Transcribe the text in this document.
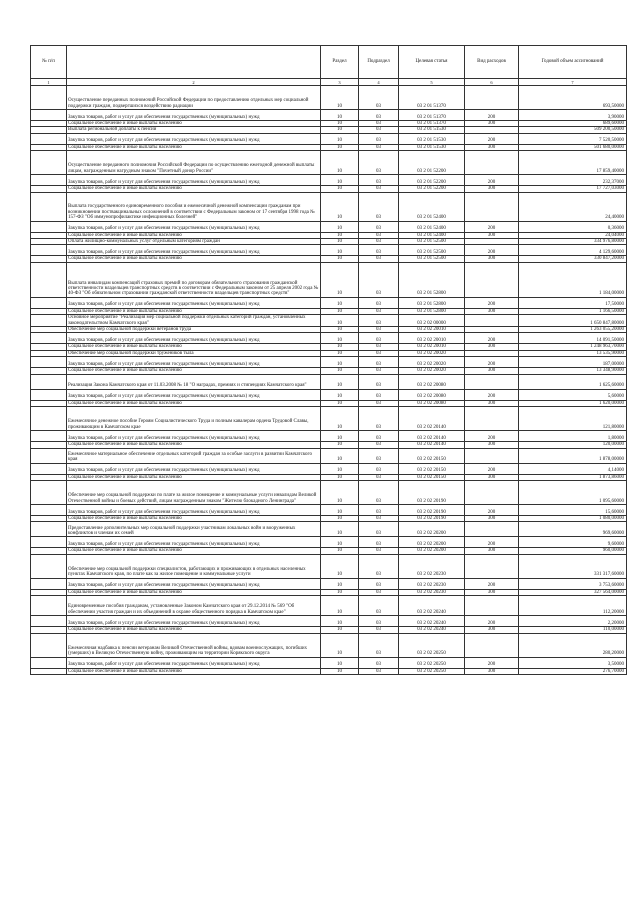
№ п/п		Раздел	Подраздел	Целевая статья	Вид расходов	Годовой объем ассигнований
1	2	3	4	5	6	7
	Осуществление переданных полномочий Российской Федерации по предоставлению отдельных мер социальной поддержки граждан, подвергшихся воздействию радиации	10	03	03 2 01 51370		693,50000
	Закупка товаров, работ и услуг для обеспечения государственных (муниципальных) нужд	10	03	03 2 01 51370	200	3,90000
	Социальное обеспечение и иные выплаты населению	10	03	03 2 01 51370	300	689,60000
	Выплата региональной доплаты к пенсии	10	03	03 2 01 51530		509 200,50000
	Закупка товаров, работ и услуг для обеспечения государственных (муниципальных) нужд	10	03	03 2 01 51530	200	7 520,50000
	Социальное обеспечение и иные выплаты населению	10	03	03 2 01 51530	300	501 680,00000
	Осуществление переданного полномочия Российской Федерации по осуществлению ежегодной денежной выплаты лицам, награжденным нагрудным знаком "Почетный донор России"	10	03	03 2 01 52200		17 859,40000
	Закупка товаров, работ и услуг для обеспечения государственных (муниципальных) нужд	10	03	03 2 01 52200	200	232,37000
	Социальное обеспечение и иные выплаты населению	10	03	03 2 01 52200	300	17 727,03000
	Выплата государственного единовременного пособия и ежемесячной денежной компенсации гражданам при возникновении поствакцинальных осложнений в соответствии с Федеральным законом от 17 сентября 1998 года № 157-ФЗ "Об иммунопрофилактике инфекционных болезней"	10	03	03 2 01 52400		24,40000
	Закупка товаров, работ и услуг для обеспечения государственных (муниципальных) нужд	10	03	03 2 01 52400	200	0,36000
	Социальное обеспечение и иные выплаты населению	10	03	03 2 01 52400	300	24,04000
	Оплата жилищно-коммунальных услуг отдельным категориям граждан	10	03	03 2 01 52500		334 976,80000
	Закупка товаров, работ и услуг для обеспечения государственных (муниципальных) нужд	10	03	03 2 01 52500	200	4 129,60000
	Социальное обеспечение и иные выплаты населению	10	03	03 2 01 52500	300	330 847,20000
	Выплата инвалидам компенсаций страховых премий по договорам обязательного страхования гражданской ответственности владельцев транспортных средств в соответствии с Федеральным законом от 25 апреля 2002 года № 40-ФЗ "Об обязательном страховании гражданской ответственности владельцев транспортных средств"	10	03	03 2 01 52800		1 184,00000
	Закупка товаров, работ и услуг для обеспечения государственных (муниципальных) нужд	10	03	03 2 01 52800	200	17,50000
	Социальное обеспечение и иные выплаты населению	10	03	03 2 01 52800	300	1 166,50000
	Основное мероприятие "Реализация мер социальной поддержки отдельных категорий граждан, установленных законодательством Камчатского края"	10	03	03 2 02 00000		1 650 847,80000
	Обеспечение мер социальной поддержки ветеранов труда	10	03	03 2 02 20010		1 263 055,20000
	Закупка товаров, работ и услуг для обеспечения государственных (муниципальных) нужд	10	03	03 2 02 20010	200	14 091,50000
	Социальное обеспечение и иные выплаты населению	10	03	03 2 02 20010	300	1 248 963,70000
	Обеспечение мер социальной поддержки тружеников тыла	10	03	03 2 02 20020		13 535,90000
	Закупка товаров, работ и услуг для обеспечения государственных (муниципальных) нужд	10	03	03 2 02 20020	200	187,00000
	Социальное обеспечение и иные выплаты населению	10	03	03 2 02 20020	300	13 348,90000
	Реализация Закона Камчатского края от 11.03.2008 № 18 "О наградах, премиях и стипендиях Камчатского края"	10	03	03 2 02 20080		1 625,60000
	Закупка товаров, работ и услуг для обеспечения государственных (муниципальных) нужд	10	03	03 2 02 20080	200	5,60000
	Социальное обеспечение и иные выплаты населению	10	03	03 2 02 20080	300	1 620,00000
	Ежемесячное денежное пособие Героям Социалистического Труда и полным кавалерам ордена Трудовой Славы, проживающим в Камчатском крае	10	03	03 2 02 20140		121,80000
	Закупка товаров, работ и услуг для обеспечения государственных (муниципальных) нужд	10	03	03 2 02 20140	200	1,80000
	Социальное обеспечение и иные выплаты населению	10	03	03 2 02 20140	300	120,00000
	Ежемесячное материальное обеспечение отдельных категорий граждан за особые заслуги в развитии Камчатского края	10	03	03 2 02 20150		1 878,00000
	Закупка товаров, работ и услуг для обеспечения государственных (муниципальных) нужд	10	03	03 2 02 20150	200	4,14000
	Социальное обеспечение и иные выплаты населению	10	03	03 2 02 20150	300	1 873,86000
	Обеспечение мер социальной поддержки по плате за жилое помещение и коммунальные услуги инвалидам Великой Отечественной войны и боевых действий, лицам награжденным знаком "Жителю блокадного Ленинграда"	10	03	03 2 02 20190		1 095,60000
	Закупка товаров, работ и услуг для обеспечения государственных (муниципальных) нужд	10	03	03 2 02 20190	200	15,60000
	Социальное обеспечение и иные выплаты населению	10	03	03 2 02 20190	300	1 080,00000
	Предоставление дополнительных мер социальной поддержки участникам локальных войн и вооруженных конфликтов и членам их семей	10	03	03 2 02 20200		969,60000
	Закупка товаров, работ и услуг для обеспечения государственных (муниципальных) нужд	10	03	03 2 02 20200	200	9,60000
	Социальное обеспечение и иные выплаты населению	10	03	03 2 02 20200	300	960,00000
	Обеспечение мер социальной поддержки специалистов, работающих и проживающих в отдельных населенных пунктах Камчатского края, по плате как за жилое помещение и коммунальные услуги	10	03	03 2 02 20230		331 317,60000
	Закупка товаров, работ и услуг для обеспечения государственных (муниципальных) нужд	10	03	03 2 02 20230	200	3 753,60000
	Социальное обеспечение и иные выплаты населению	10	03	03 2 02 20230	300	327 564,00000
	Единовременные пособия гражданам, установленные Законом Камчатского края от 29.12.2014 № 569 "Об обеспечении участия граждан и их объединений в охране общественного порядка в Камчатском крае"	10	03	03 2 02 20240		112,20000
	Закупка товаров, работ и услуг для обеспечения государственных (муниципальных) нужд	10	03	03 2 02 20240	200	2,20000
	Социальное обеспечение и иные выплаты населению	10	03	03 2 02 20240	300	110,00000
	Ежемесячная надбавка к пенсии ветеранам Великой Отечественной войны, вдовам военнослужащих, погибших (умерших) в Великую Отечественную войну, проживающим на территории Корякского округа	10	03	03 2 02 20250		280,20000
	Закупка товаров, работ и услуг для обеспечения государственных (муниципальных) нужд	10	03	03 2 02 20250	200	3,50000
	Социальное обеспечение и иные выплаты населению	10	03	03 2 02 20250	300	276,70000
